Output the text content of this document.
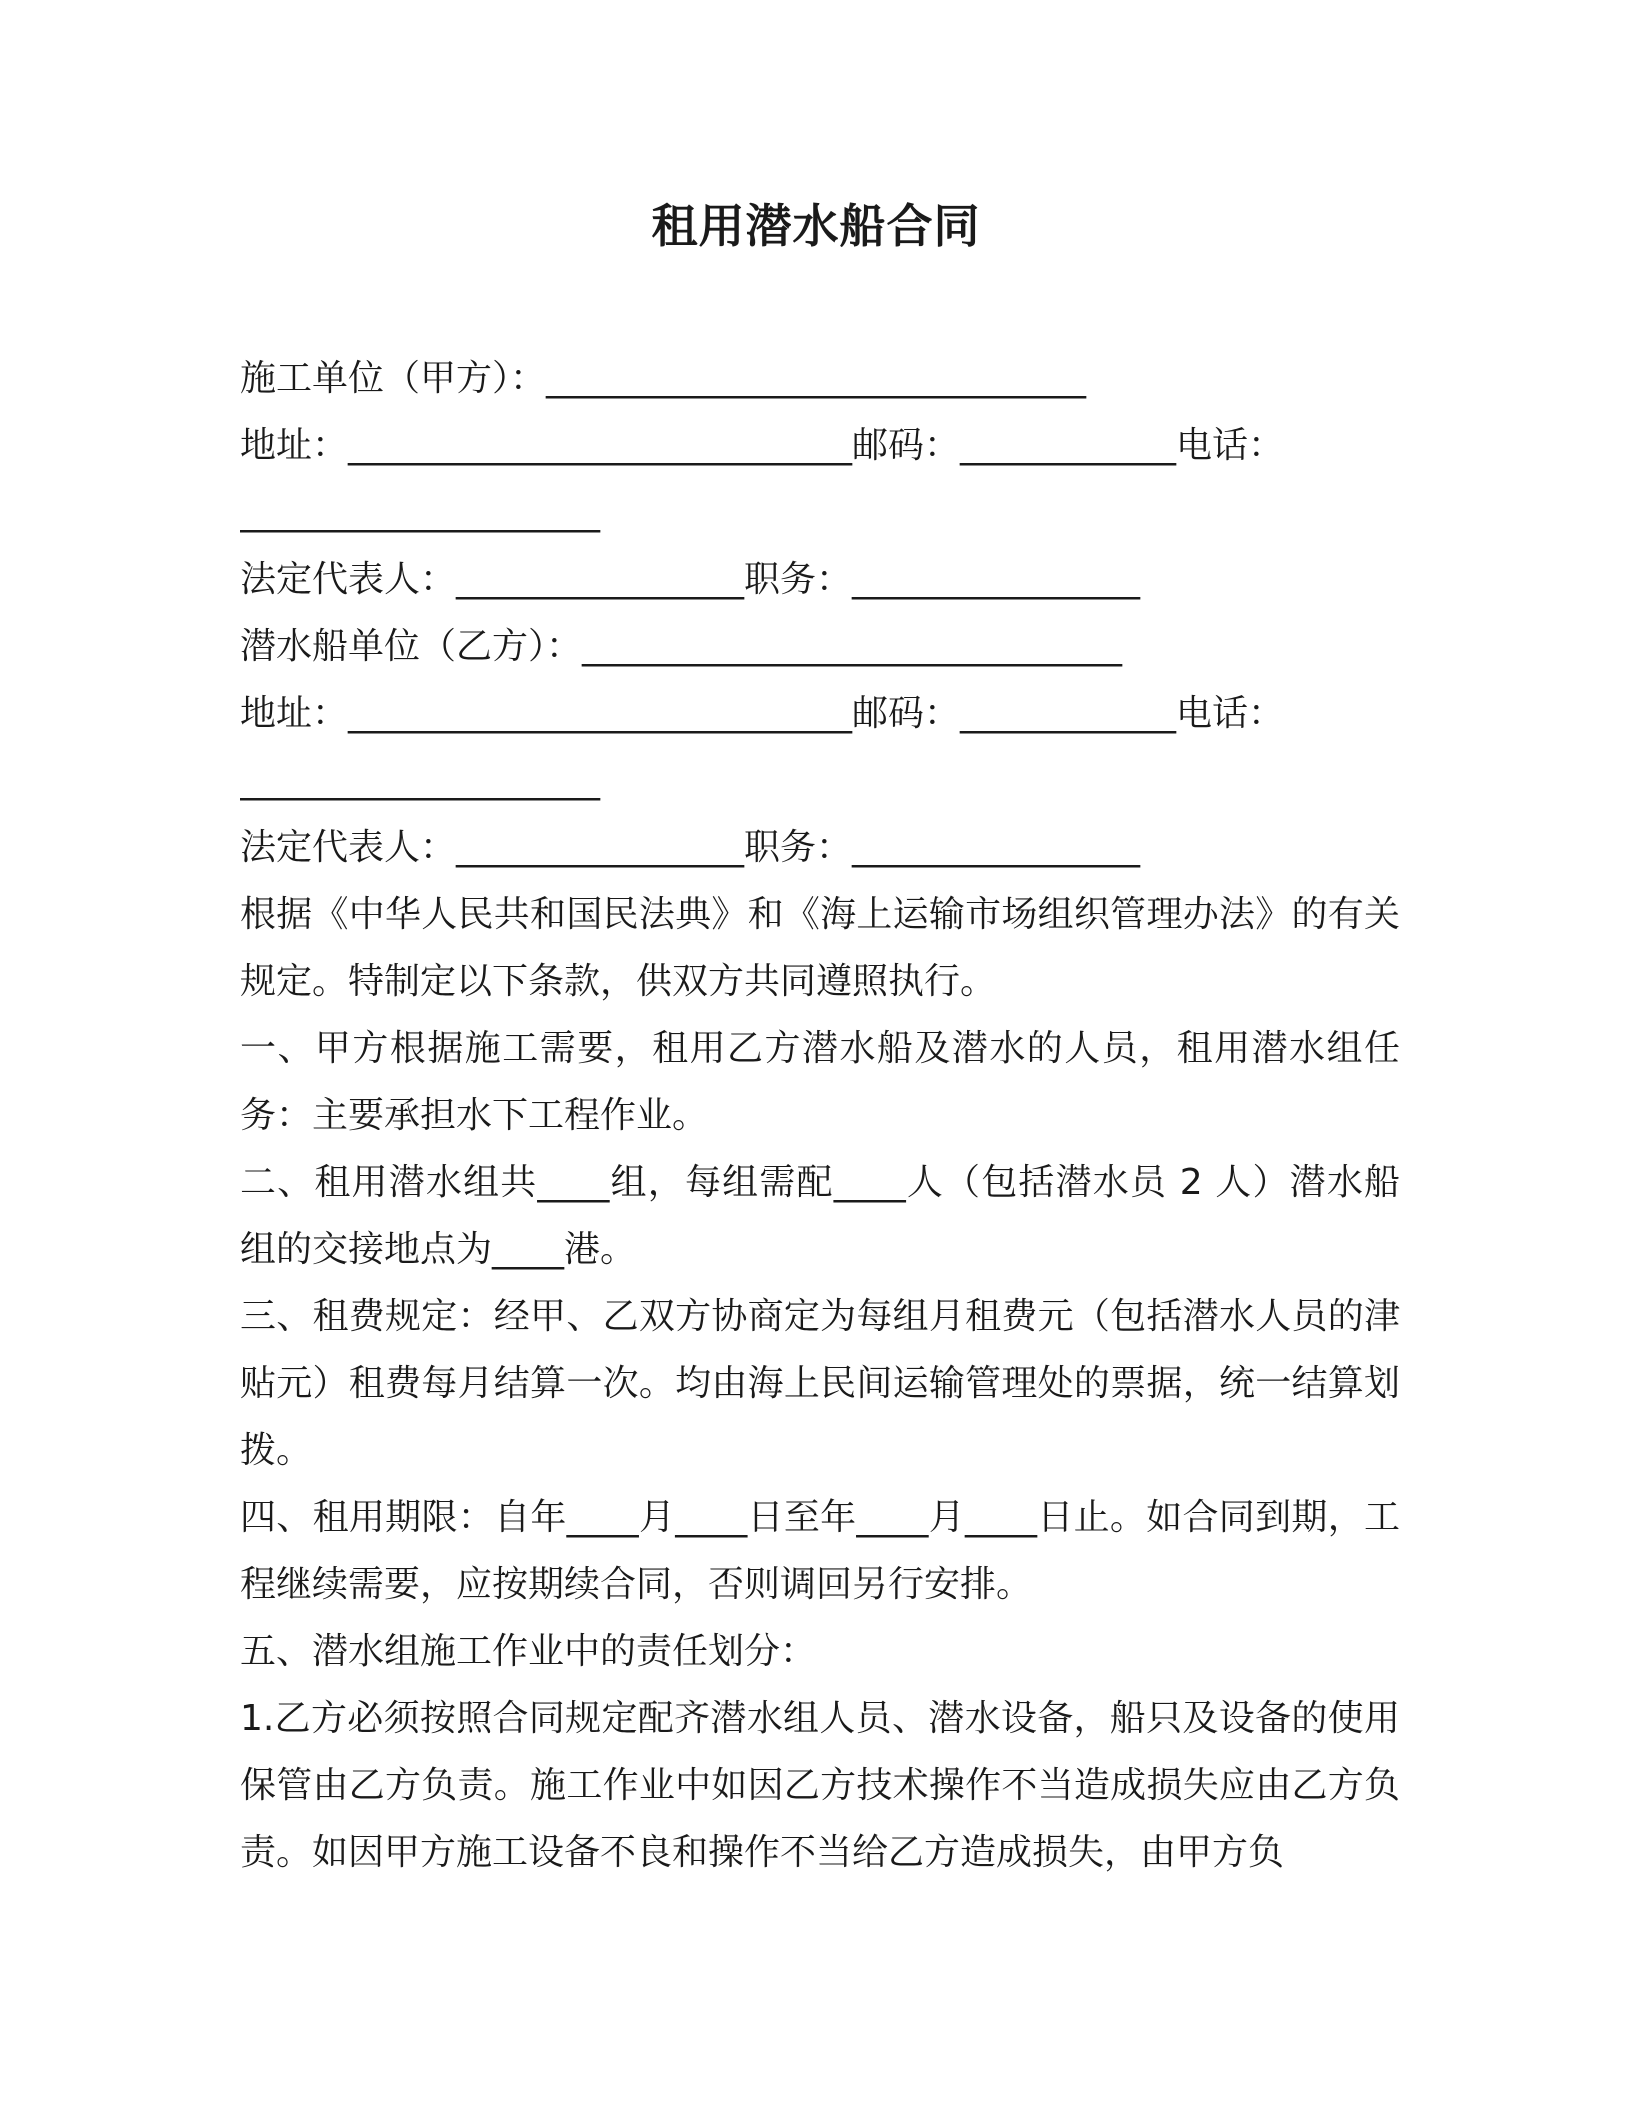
租用潜水船合同
施工单位（甲方）：______________________________
地址：____________________________邮码：____________电话：
____________________
法定代表人：________________职务：________________
潜水船单位（乙方）：______________________________
地址：____________________________邮码：____________电话：
____________________
法定代表人：________________职务：________________
根据《中华人民共和国民法典》和《海上运输市场组织管理办法》的有关规定。特制定以下条款，供双方共同遵照执行。
一、甲方根据施工需要，租用乙方潜水船及潜水的人员，租用潜水组任务：主要承担水下工程作业。
二、租用潜水组共____组，每组需配____人（包括潜水员 2 人）潜水船组的交接地点为____港。
三、租费规定：经甲、乙双方协商定为每组月租费元（包括潜水人员的津贴元）租费每月结算一次。均由海上民间运输管理处的票据，统一结算划拨。
四、租用期限：自年____月____日至年____月____日止。如合同到期，工程继续需要，应按期续合同，否则调回另行安排。
五、潜水组施工作业中的责任划分：
1.乙方必须按照合同规定配齐潜水组人员、潜水设备，船只及设备的使用保管由乙方负责。施工作业中如因乙方技术操作不当造成损失应由乙方负责。如因甲方施工设备不良和操作不当给乙方造成损失，由甲方负
